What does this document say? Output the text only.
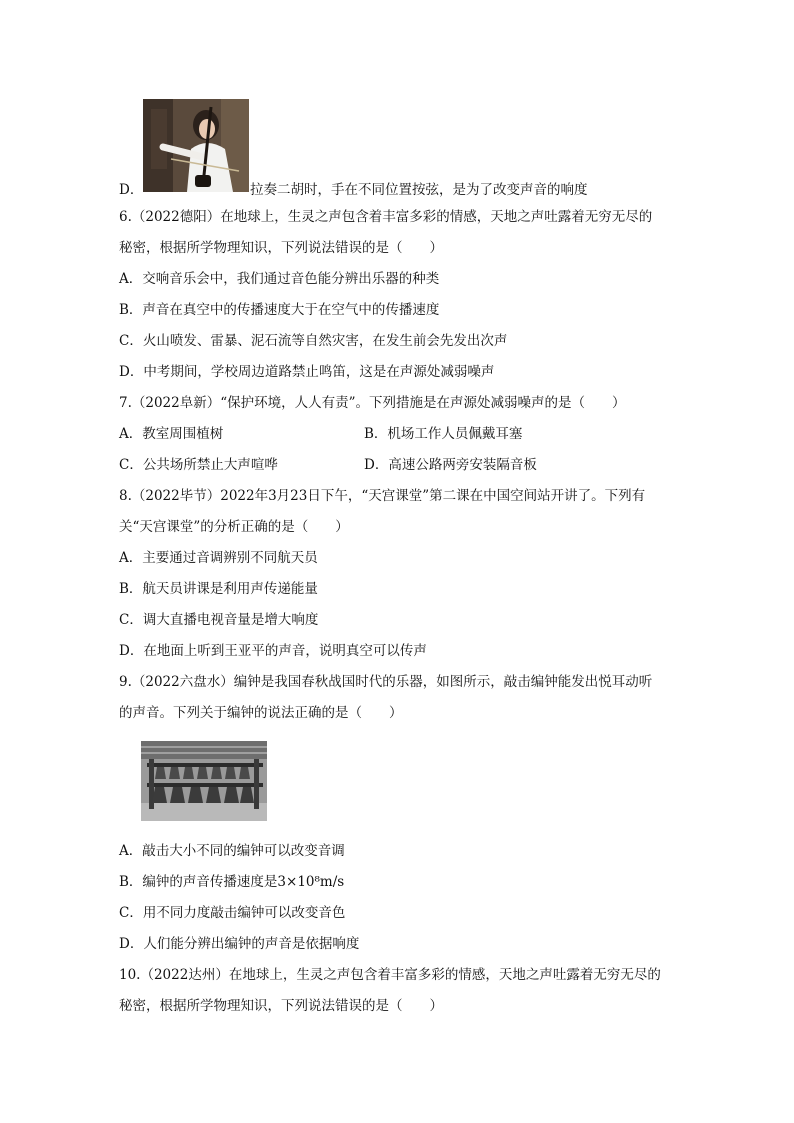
D．	拉奏二胡时，手在不同位置按弦，是为了改变声音的响度
6.（2022德阳）在地球上，生灵之声包含着丰富多彩的情感，天地之声吐露着无穷无尽的
秘密，根据所学物理知识，下列说法错误的是（　　）
A．交响音乐会中，我们通过音色能分辨出乐器的种类
B．声音在真空中的传播速度大于在空气中的传播速度
C．火山喷发、雷暴、泥石流等自然灾害，在发生前会先发出次声
D．中考期间，学校周边道路禁止鸣笛，这是在声源处减弱噪声
7.（2022阜新）“保护环境，人人有责”。下列措施是在声源处减弱噪声的是（　　）
A．教室周围植树	B．机场工作人员佩戴耳塞
C．公共场所禁止大声喧哗	D．高速公路两旁安装隔音板
8.（2022毕节）2022年3月23日下午，“天宫课堂”第二课在中国空间站开讲了。下列有
关“天宫课堂”的分析正确的是（　　）
A．主要通过音调辨别不同航天员
B．航天员讲课是利用声传递能量
C．调大直播电视音量是增大响度
D．在地面上听到王亚平的声音，说明真空可以传声
9.（2022六盘水）编钟是我国春秋战国时代的乐器，如图所示，敲击编钟能发出悦耳动听
的声音。下列关于编钟的说法正确的是（　　）
A．敲击大小不同的编钟可以改变音调
B．编钟的声音传播速度是3×10⁸m/s
C．用不同力度敲击编钟可以改变音色
D．人们能分辨出编钟的声音是依据响度
10.（2022达州）在地球上，生灵之声包含着丰富多彩的情感，天地之声吐露着无穷无尽的
秘密，根据所学物理知识，下列说法错误的是（　　）
